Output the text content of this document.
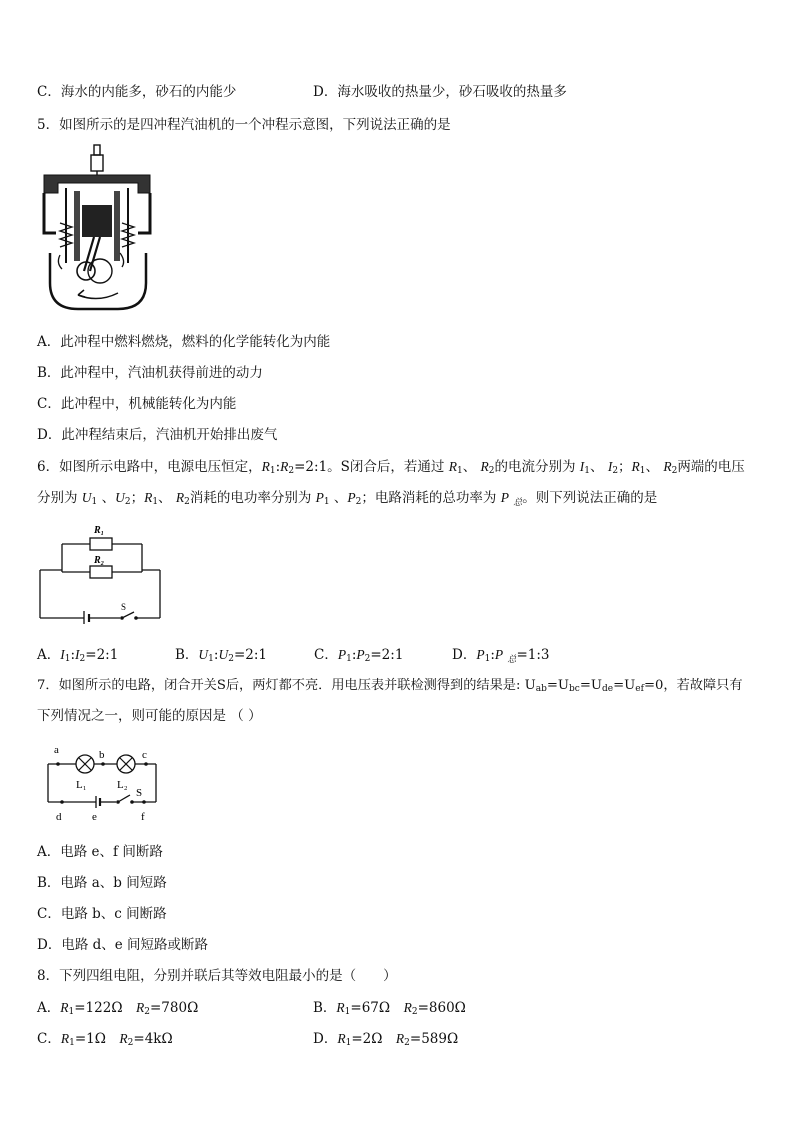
C．海水的内能多，砂石的内能少	D．海水吸收的热量少，砂石吸收的热量多
5．如图所示的是四冲程汽油机的一个冲程示意图，下列说法正确的是
A．此冲程中燃料燃烧，燃料的化学能转化为内能
B．此冲程中，汽油机获得前进的动力
C．此冲程中，机械能转化为内能
D．此冲程结束后，汽油机开始排出废气
6．如图所示电路中，电源电压恒定，$R_1:R_2=2:1$。S闭合后，若通过 $R_1$、 $R_2$的电流分别为 $I_1$、 $I_2$；$R_1$、 $R_2$两端的电压
分别为 $U_1$ 、$U_2$；$R_1$、 $R_2$消耗的电功率分别为 $P_1$ 、$P_2$；电路消耗的总功率为 P $_总$。则下列说法正确的是
R₁
R₂
S
A．$I_1:I_2=2:1$	B．$U_1:U_2=2:1$	C．$P_1:P_2=2:1$	D．$P_1:P$ $_总$=1:3
7．如图所示的电路，闭合开关S后，两灯都不亮．用电压表并联检测得到的结果是: $U_{ab}=U_{bc}=U_{de}=U_{ef}=0$，若故障只有
下列情况之一，则可能的原因是 （ ）
a	b	c
L₁	L₂
S
d	e	f
A．电路 e、f 间断路
B．电路 a、b 间短路
C．电路 b、c 间断路
D．电路 d、e 间短路或断路
8．下列四组电阻，分别并联后其等效电阻最小的是（　　）
A．$R_1=122\Omega$　$R_2=780\Omega$	B．$R_1=67\Omega$　$R_2=860\Omega$
C．$R_1=1\Omega$　$R_2=4k\Omega$	D．$R_1=2\Omega$　$R_2=589\Omega$
